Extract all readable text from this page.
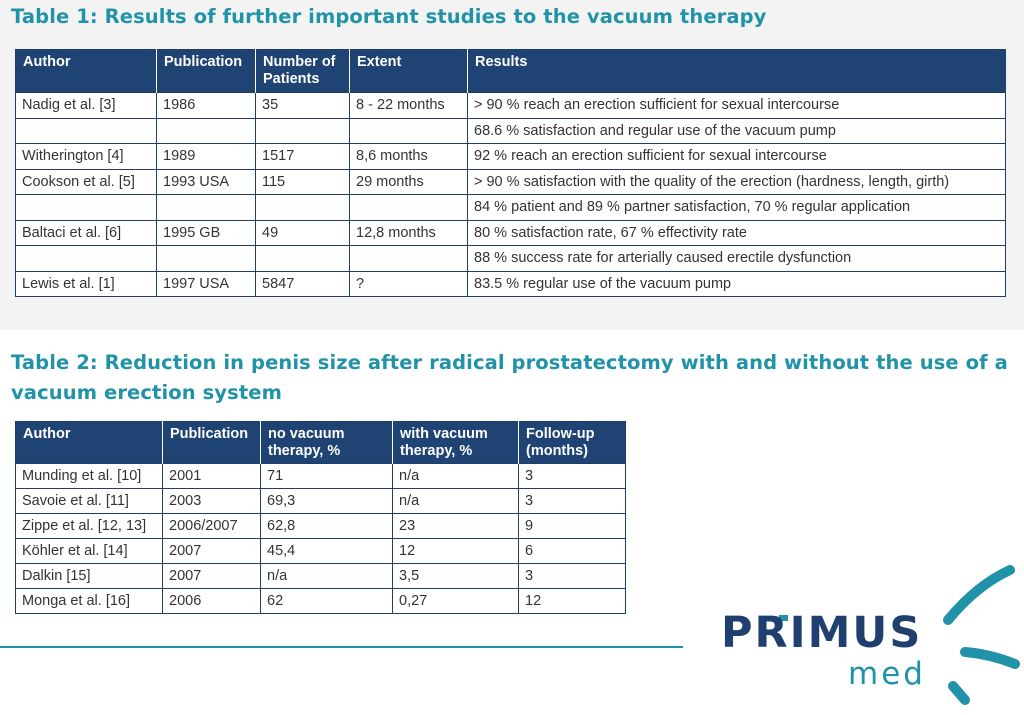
Table 1: Results of further important studies to the vacuum therapy
Author	Publication	Number of Patients	Extent	Results
Nadig et al. [3]	1986	35	8 - 22 months	> 90 % reach an erection sufficient for sexual intercourse
				68.6 % satisfaction and regular use of the vacuum pump
Witherington [4]	1989	1517	8,6 months	92 % reach an erection sufficient for sexual intercourse
Cookson et al. [5]	1993 USA	115	29 months	> 90 % satisfaction with the quality of the erection (hardness, length, girth)
				84 % patient and 89 % partner satisfaction, 70 % regular application
Baltaci et al. [6]	1995 GB	49	12,8 months	80 % satisfaction rate, 67 % effectivity rate
				88 % success rate for arterially caused erectile dysfunction
Lewis et al. [1]	1997 USA	5847	?	83.5 % regular use of the vacuum pump
Table 2: Reduction in penis size after radical prostatectomy with and without the use of a vacuum erection system
Author	Publication	no vacuum therapy, %	with vacuum therapy, %	Follow-up (months)
Munding et al. [10]	2001	71	n/a	3
Savoie et al. [11]	2003	69,3	n/a	3
Zippe et al. [12, 13]	2006/2007	62,8	23	9
Köhler et al. [14]	2007	45,4	12	6
Dalkin [15]	2007	n/a	3,5	3
Monga et al. [16]	2006	62	0,27	12
PRIMUS
med
